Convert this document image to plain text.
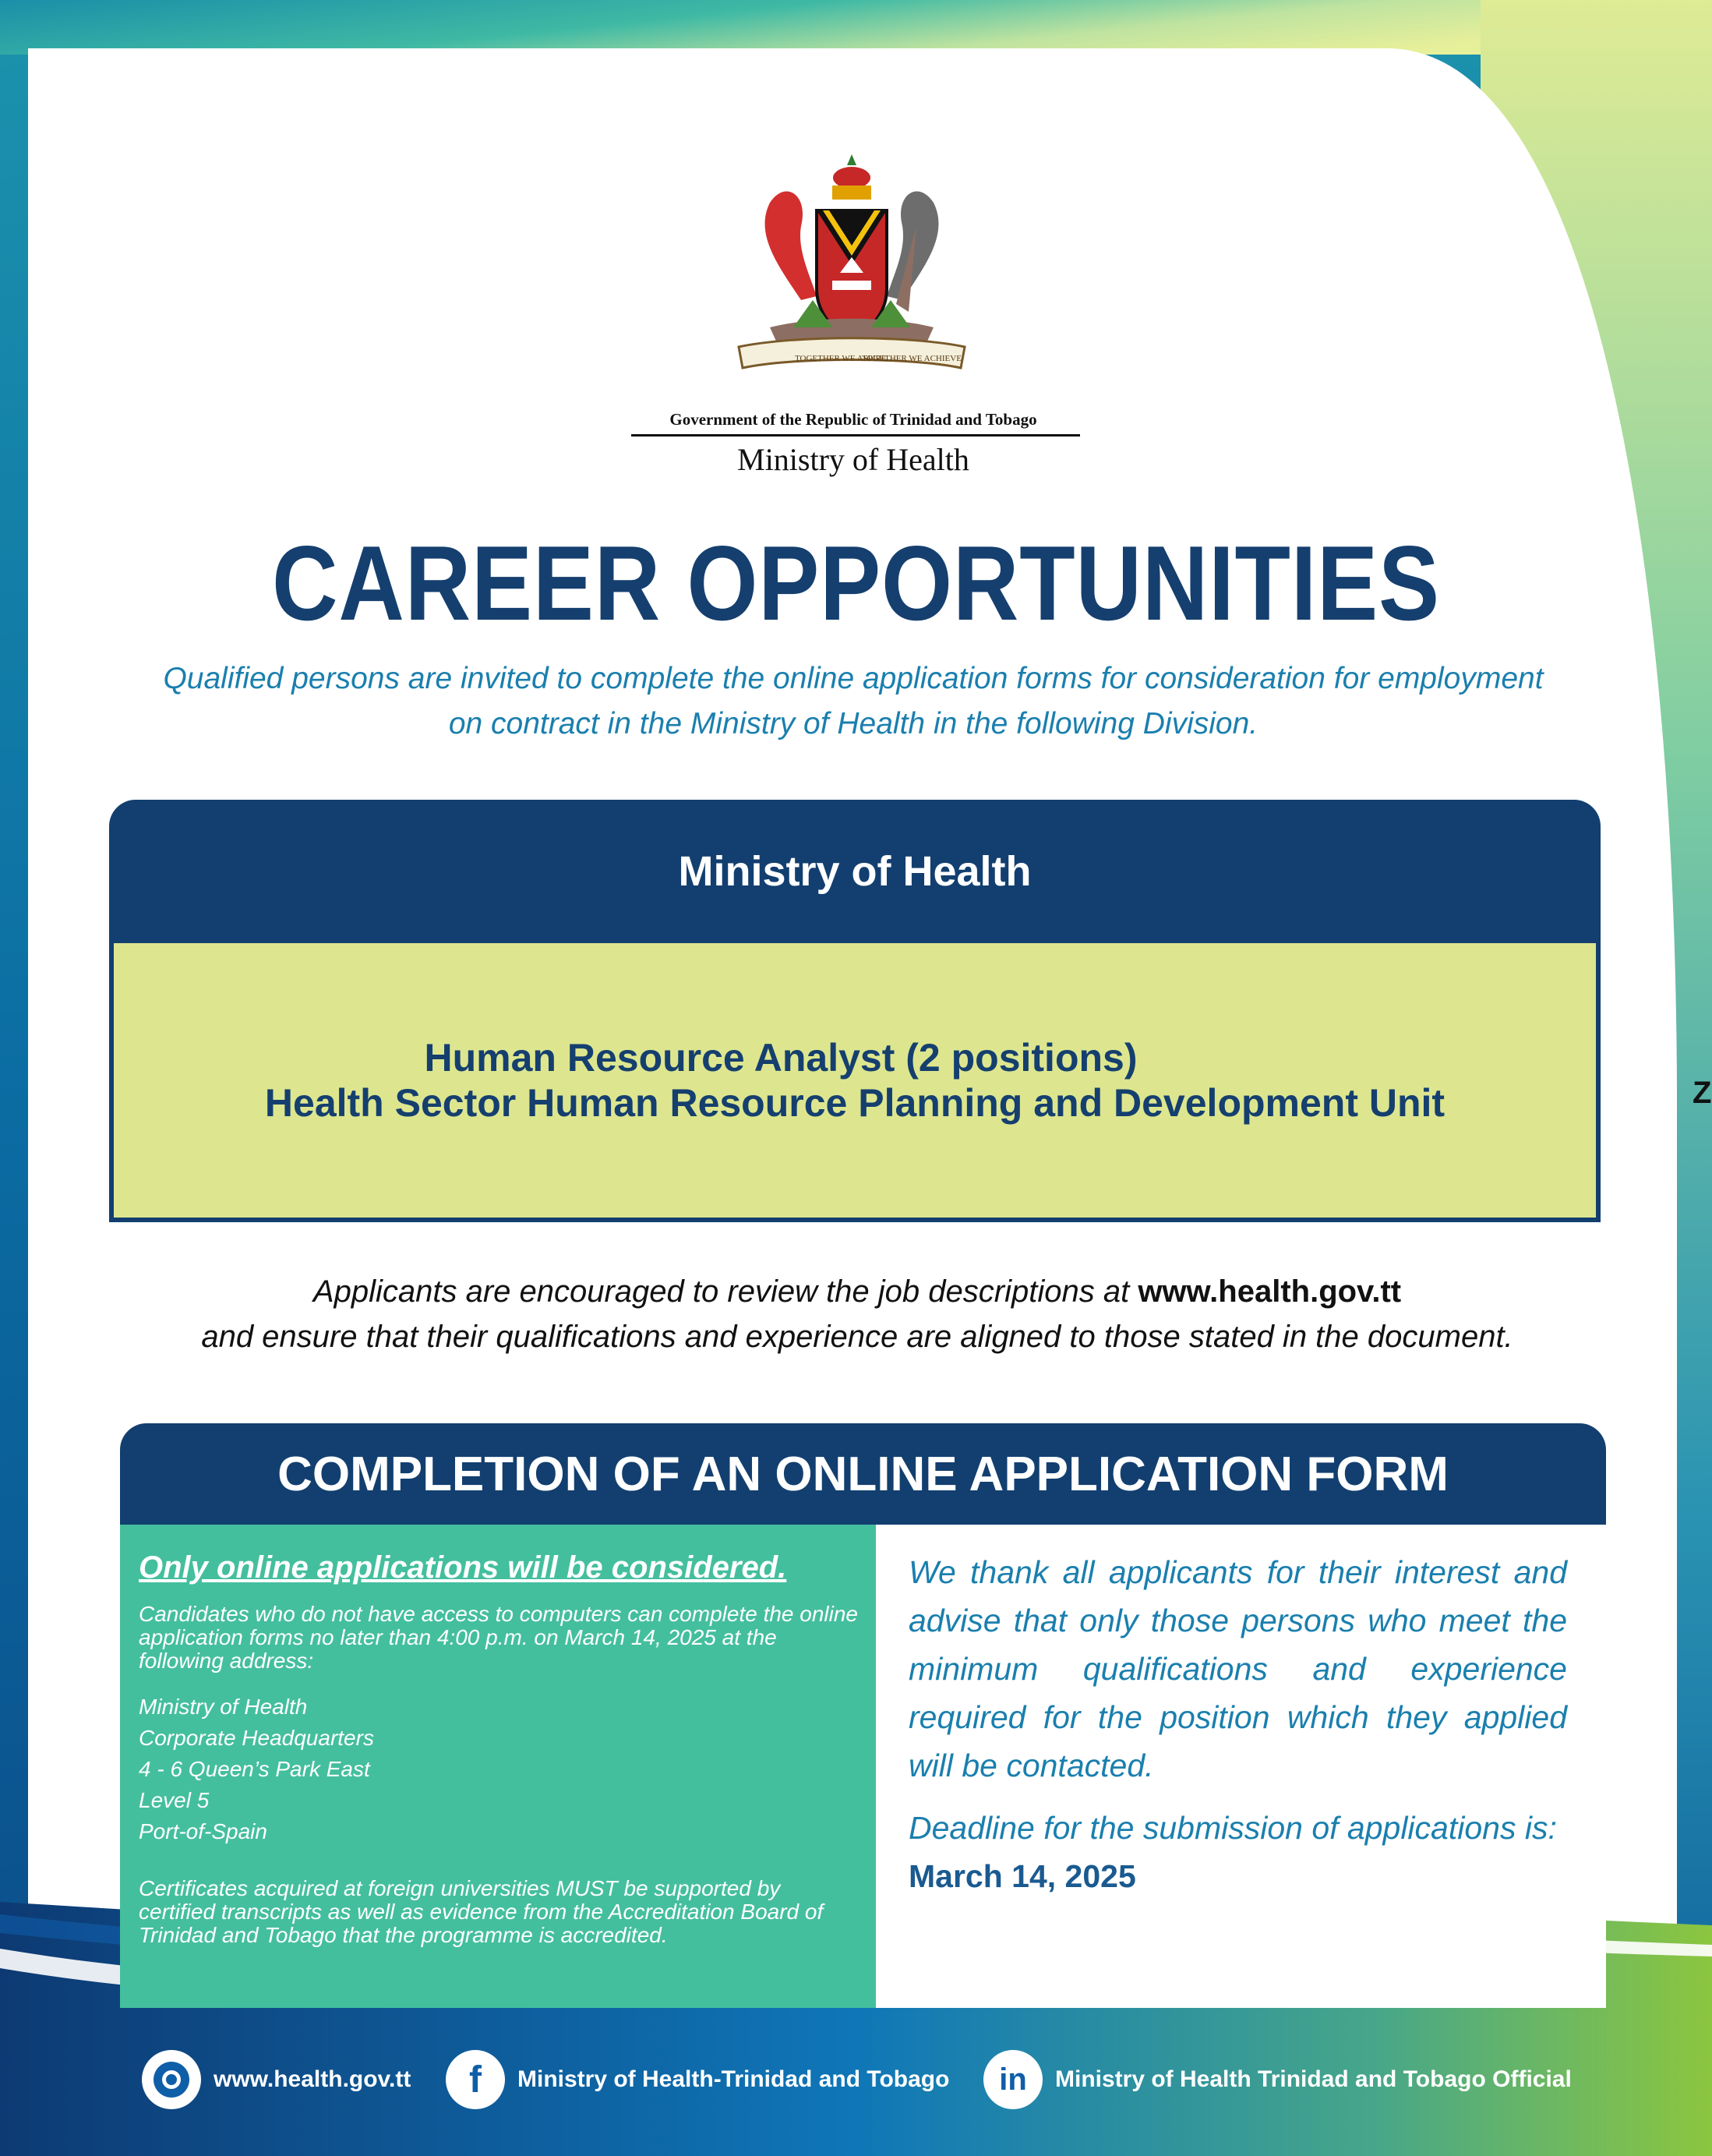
TOGETHER WE ASPIRE
TOGETHER WE ACHIEVE
Government of the Republic of Trinidad and Tobago
Ministry of Health
CAREER OPPORTUNITIES
Qualified persons are invited to complete the online application forms for consideration for employment on contract in the Ministry of Health in the following Division.
Ministry of Health
Human Resource Analyst (2 positions)
Health Sector Human Resource Planning and Development Unit	Z
Applicants are encouraged to review the job descriptions at www.health.gov.tt
and ensure that their qualifications and experience are aligned to those stated in the document.
COMPLETION OF AN ONLINE APPLICATION FORM
Only online applications will be considered.

Candidates who do not have access to computers can complete the online application forms no later than 4:00 p.m. on March 14, 2025 at the following address:

Ministry of Health
Corporate Headquarters
4 - 6 Queen’s Park East
Level 5
Port-of-Spain

Certificates acquired at foreign universities MUST be supported by certified transcripts as well as evidence from the Accreditation Board of Trinidad and Tobago that the programme is accredited.

We thank all applicants for their interest and advise that only those persons who meet the minimum qualifications and experience required for the position which they applied will be contacted.

Deadline for the submission of applications is:
March 14, 2025
www.health.gov.tt	f	Ministry of Health-Trinidad and Tobago	in	Ministry of Health Trinidad and Tobago Official
